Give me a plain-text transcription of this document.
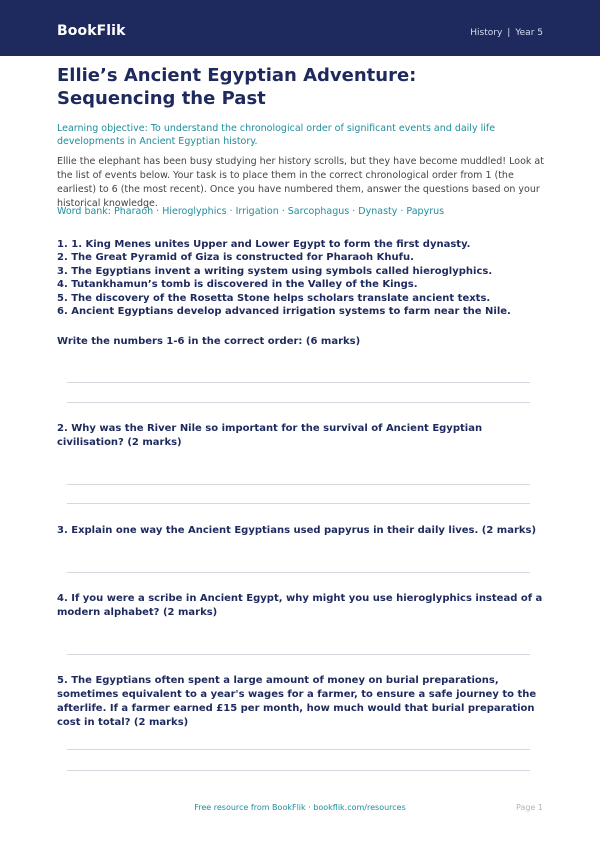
BookFlik	History | Year 5
Ellie’s Ancient Egyptian Adventure: Sequencing the Past
Learning objective: To understand the chronological order of significant events and daily life developments in Ancient Egyptian history.
Ellie the elephant has been busy studying her history scrolls, but they have become muddled! Look at the list of events below. Your task is to place them in the correct chronological order from 1 (the earliest) to 6 (the most recent). Once you have numbered them, answer the questions based on your historical knowledge.
Word bank: Pharaoh · Hieroglyphics · Irrigation · Sarcophagus · Dynasty · Papyrus
1. 1. King Menes unites Upper and Lower Egypt to form the first dynasty.
2. The Great Pyramid of Giza is constructed for Pharaoh Khufu.
3. The Egyptians invent a writing system using symbols called hieroglyphics.
4. Tutankhamun’s tomb is discovered in the Valley of the Kings.
5. The discovery of the Rosetta Stone helps scholars translate ancient texts.
6. Ancient Egyptians develop advanced irrigation systems to farm near the Nile.
Write the numbers 1-6 in the correct order: (6 marks)
2. Why was the River Nile so important for the survival of Ancient Egyptian civilisation? (2 marks)
3. Explain one way the Ancient Egyptians used papyrus in their daily lives. (2 marks)
4. If you were a scribe in Ancient Egypt, why might you use hieroglyphics instead of a modern alphabet? (2 marks)
5. The Egyptians often spent a large amount of money on burial preparations, sometimes equivalent to a year's wages for a farmer, to ensure a safe journey to the afterlife. If a farmer earned £15 per month, how much would that burial preparation cost in total? (2 marks)
Free resource from BookFlik · bookflik.com/resources	Page 1
